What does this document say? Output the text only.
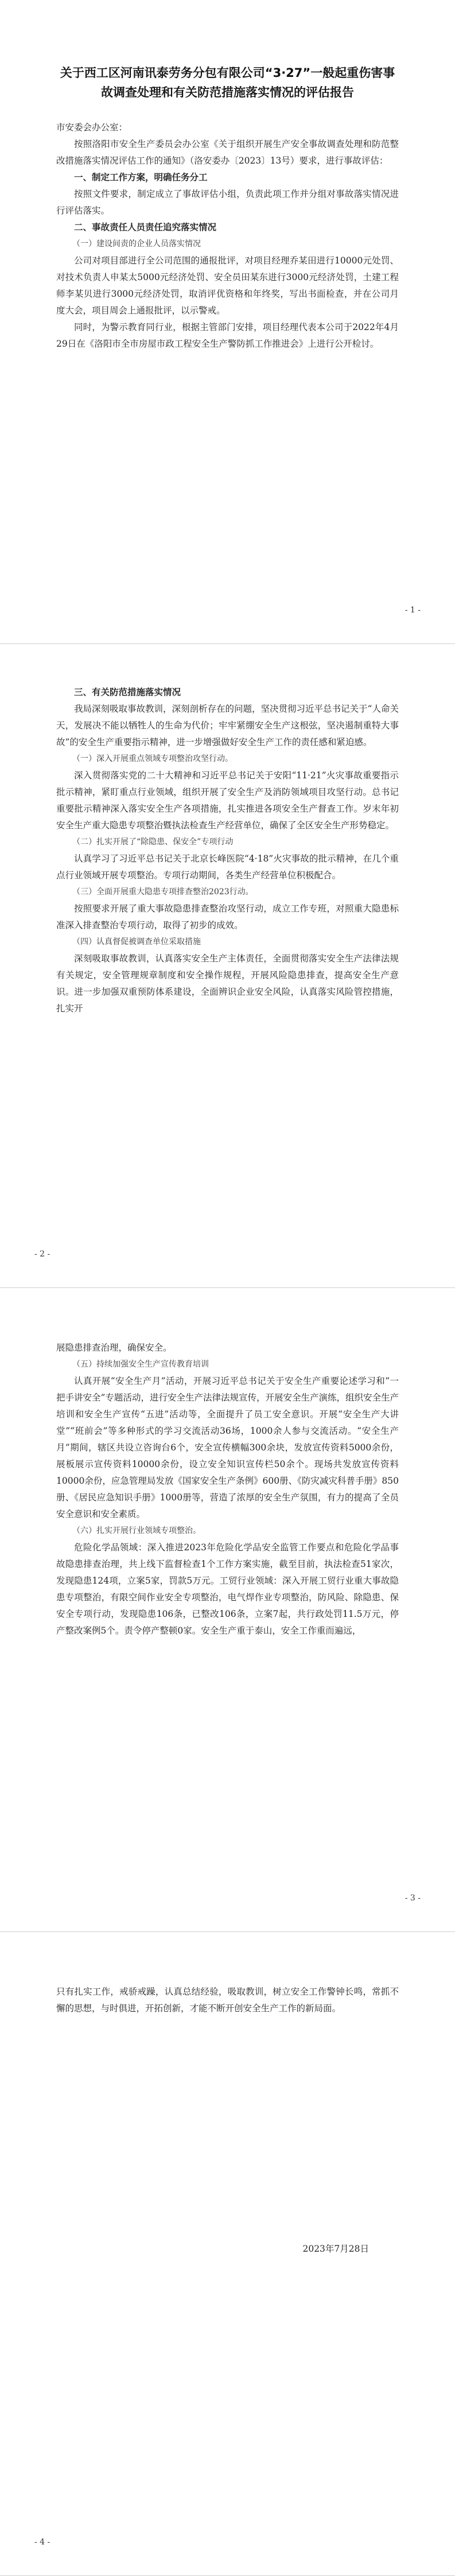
关于西工区河南讯泰劳务分包有限公司“3·27”一般起重伤害事故调查处理和有关防范措施落实情况的评估报告

市安委会办公室：

按照洛阳市安全生产委员会办公室《关于组织开展生产安全事故调查处理和防范整改措施落实情况评估工作的通知》（洛安委办〔2023〕13号）要求，进行事故评估：

一、制定工作方案，明确任务分工

按照文件要求，制定成立了事故评估小组，负责此项工作并分组对事故落实情况进行评估落实。

二、事故责任人员责任追究落实情况

（一）建设间责的企业人员落实情况

公司对项目部进行全公司范围的通报批评，对项目经理乔某田进行10000元处罚、对技术负责人申某太5000元经济处罚、安全员田某东进行3000元经济处罚，土建工程师李某贝进行3000元经济处罚，取消评优资格和年终奖，写出书面检查，并在公司月度大会，项目周会上通报批评，以示警戒。

同时，为警示教育同行业，根据主管部门安排，项目经理代表本公司于2022年4月29日在《洛阳市全市房屋市政工程安全生产警防抓工作推进会》上进行公开检讨。

- 1 -

三、有关防范措施落实情况

我局深刻吸取事故教训，深刻剖析存在的问题，坚决贯彻习近平总书记关于“人命关天，发展决不能以牺牲人的生命为代价；牢牢紧绷安全生产这根弦，坚决遏制重特大事故”的安全生产重要指示精神，进一步增强做好安全生产工作的责任感和紧迫感。

（一）深入开展重点领域专项整治攻坚行动。

深入贯彻落实党的二十大精神和习近平总书记关于安阳“11·21”火灾事故重要指示批示精神，紧盯重点行业领域，组织开展了安全生产及消防领域项目攻坚行动。总书记重要批示精神深入落实安全生产各项措施，扎实推进各项安全生产督查工作。岁末年初安全生产重大隐患专项整治暨执法检查生产经营单位，确保了全区安全生产形势稳定。

（二）扎实开展了“除隐患、保安全”专项行动

认真学习了习近平总书记关于北京长峰医院“4·18”火灾事故的批示精神，在几个重点行业领域开展专项整治。专项行动期间，各类生产经营单位积极配合。

（三）全面开展重大隐患专项排查整治2023行动。

按照要求开展了重大事故隐患排查整治攻坚行动，成立工作专班，对照重大隐患标准深入排查整治专项行动，取得了初步的成效。

（四）认真督促被调查单位采取措施

深刻吸取事故教训，认真落实安全生产主体责任，全面贯彻落实安全生产法律法规有关规定，安全管理规章制度和安全操作规程，开展风险隐患排查，提高安全生产意识。进一步加强双重预防体系建设，全面辨识企业安全风险，认真落实风险管控措施，扎实开

- 2 -

展隐患排查治理，确保安全。

（五）持续加强安全生产宣传教育培训

认真开展“安全生产月”活动，开展习近平总书记关于安全生产重要论述学习和“一把手讲安全”专题活动，进行安全生产法律法规宣传，开展安全生产演练，组织安全生产培训和安全生产宣传“五进”活动等，全面提升了员工安全意识。开展“安全生产大讲堂”“班前会”等多种形式的学习交流活动36场，1000余人参与交流活动。“安全生产月”期间，辖区共设立咨询台6个，安全宣传横幅300余块，发放宣传资料5000余份，展板展示宣传资料10000余份，设立安全知识宣传栏50余个。现场共发放宣传资料10000余份，应急管理局发放《国家安全生产条例》600册、《防灾减灾科普手册》850册、《居民应急知识手册》1000册等，营造了浓厚的安全生产氛围，有力的提高了全员安全意识和安全素质。

（六）扎实开展行业领域专项整治。

危险化学品领域：深入推进2023年危险化学品安全监管工作要点和危险化学品事故隐患排查治理，共上线下监督检查1个工作方案实施，截至目前，执法检查51家次，发现隐患124项，立案5家，罚款5万元。工贸行业领域：深入开展工贸行业重大事故隐患专项整治，有限空间作业安全专项整治，电气焊作业专项整治，防风险、除隐患、保安全专项行动，发现隐患106条，已整改106条，立案7起，共行政处罚11.5万元，停产整改案例5个。责令停产整顿0家。安全生产重于泰山，安全工作重而遍远，

- 3 -

只有扎实工作，戒骄戒躁，认真总结经验，吸取教训，树立安全工作警钟长鸣，常抓不懈的思想，与时俱进，开拓创新，才能不断开创安全生产工作的新局面。

2023年7月28日
- 4 -
